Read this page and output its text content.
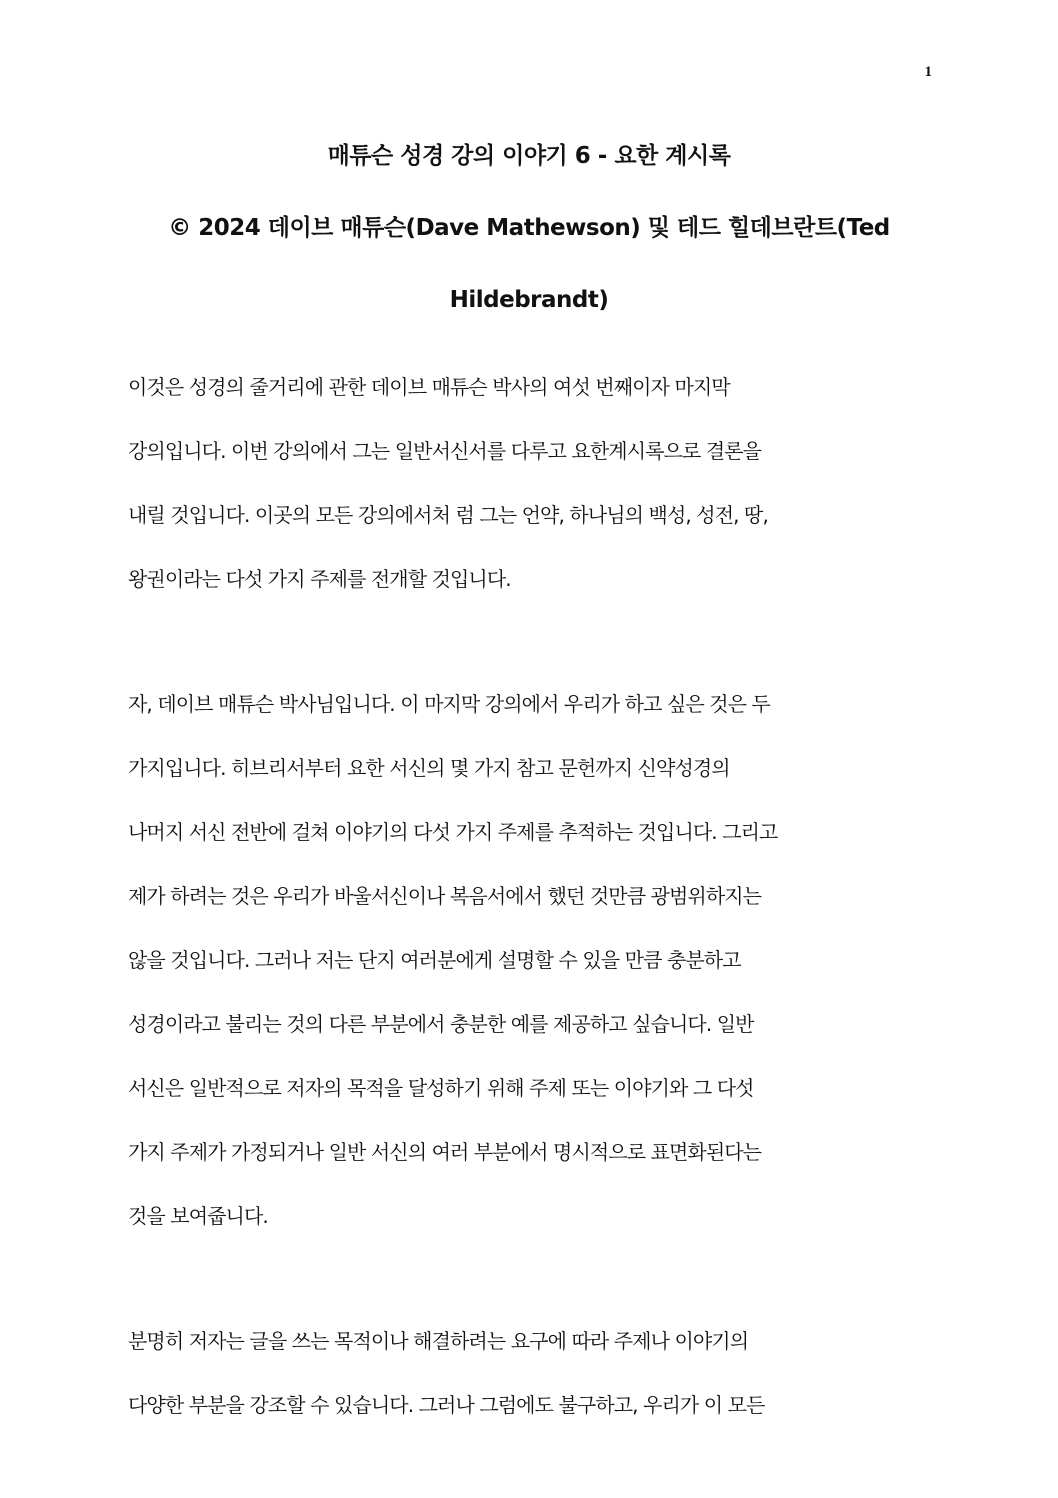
1
매튜슨 성경 강의 이야기 6 - 요한 계시록
© 2024 데이브 매튜슨(Dave Mathewson) 및 테드 힐데브란트(Ted
Hildebrandt)
이것은 성경의 줄거리에 관한 데이브 매튜슨 박사의 여섯 번째이자 마지막
강의입니다. 이번 강의에서 그는 일반서신서를 다루고 요한계시록으로 결론을
내릴 것입니다. 이곳의 모든 강의에서처 럼 그는 언약, 하나님의 백성, 성전, 땅,
왕권이라는 다섯 가지 주제를 전개할 것입니다.
자, 데이브 매튜슨 박사님입니다. 이 마지막 강의에서 우리가 하고 싶은 것은 두
가지입니다. 히브리서부터 요한 서신의 몇 가지 참고 문헌까지 신약성경의
나머지 서신 전반에 걸쳐 이야기의 다섯 가지 주제를 추적하는 것입니다. 그리고
제가 하려는 것은 우리가 바울서신이나 복음서에서 했던 것만큼 광범위하지는
않을 것입니다. 그러나 저는 단지 여러분에게 설명할 수 있을 만큼 충분하고
성경이라고 불리는 것의 다른 부분에서 충분한 예를 제공하고 싶습니다. 일반
서신은 일반적으로 저자의 목적을 달성하기 위해 주제 또는 이야기와 그 다섯
가지 주제가 가정되거나 일반 서신의 여러 부분에서 명시적으로 표면화된다는
것을 보여줍니다.
분명히 저자는 글을 쓰는 목적이나 해결하려는 요구에 따라 주제나 이야기의
다양한 부분을 강조할 수 있습니다. 그러나 그럼에도 불구하고, 우리가 이 모든
